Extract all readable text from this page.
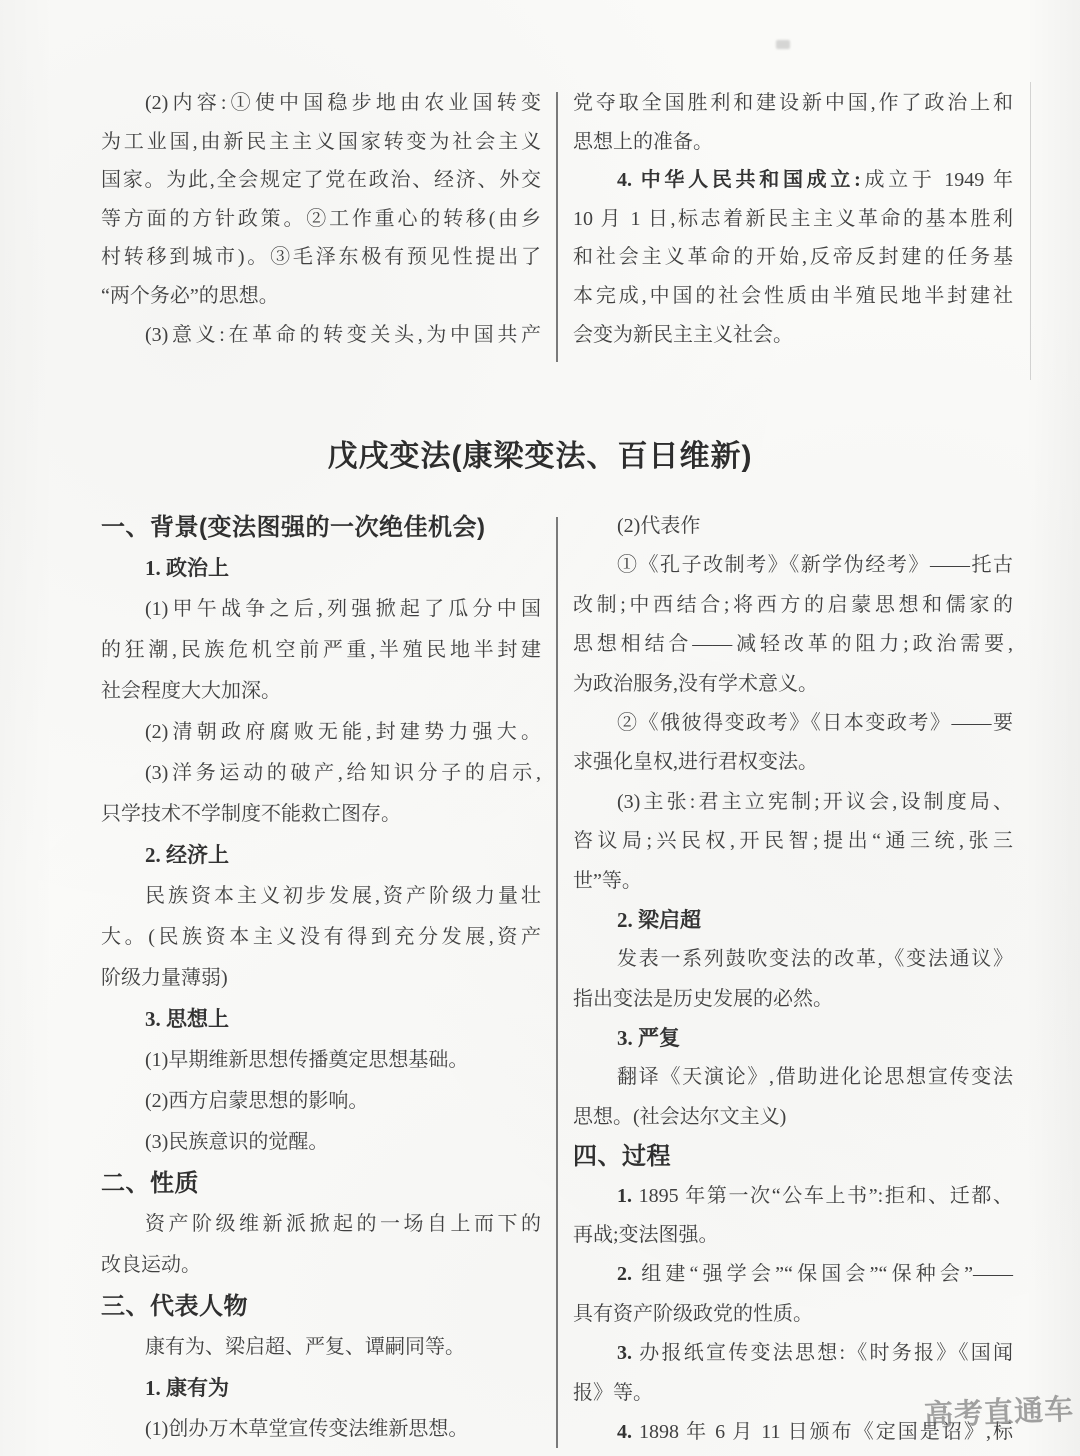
(2)内容:①使中国稳步地由农业国转变
为工业国,由新民主主义国家转变为社会主义
国家。为此,全会规定了党在政治、经济、外交
等方面的方针政策。②工作重心的转移(由乡
村转移到城市)。③毛泽东极有预见性提出了
“两个务必”的思想。
(3)意义:在革命的转变关头,为中国共产
党夺取全国胜利和建设新中国,作了政治上和
思想上的准备。
4. 中华人民共和国成立:成立于 1949 年
10 月 1 日,标志着新民主主义革命的基本胜利
和社会主义革命的开始,反帝反封建的任务基
本完成,中国的社会性质由半殖民地半封建社
会变为新民主主义社会。
戊戌变法(康梁变法、百日维新)
一、背景(变法图强的一次绝佳机会)
1. 政治上
(1)甲午战争之后,列强掀起了瓜分中国
的狂潮,民族危机空前严重,半殖民地半封建
社会程度大大加深。
(2)清朝政府腐败无能,封建势力强大。
(3)洋务运动的破产,给知识分子的启示,
只学技术不学制度不能救亡图存。
2. 经济上
民族资本主义初步发展,资产阶级力量壮
大。(民族资本主义没有得到充分发展,资产
阶级力量薄弱)
3. 思想上
(1)早期维新思想传播奠定思想基础。
(2)西方启蒙思想的影响。
(3)民族意识的觉醒。
二、性质
资产阶级维新派掀起的一场自上而下的
改良运动。
三、代表人物
康有为、梁启超、严复、谭嗣同等。
1. 康有为
(1)创办万木草堂宣传变法维新思想。
(2)代表作
①《孔子改制考》《新学伪经考》——托古
改制;中西结合;将西方的启蒙思想和儒家的
思想相结合——减轻改革的阻力;政治需要,
为政治服务,没有学术意义。
②《俄彼得变政考》《日本变政考》——要
求强化皇权,进行君权变法。
(3)主张:君主立宪制;开议会,设制度局、
咨议局;兴民权,开民智;提出“通三统,张三
世”等。
2. 梁启超
发表一系列鼓吹变法的改革,《变法通议》
指出变法是历史发展的必然。
3. 严复
翻译《天演论》,借助进化论思想宣传变法
思想。(社会达尔文主义)
四、过程
1. 1895 年第一次“公车上书”:拒和、迁都、
再战;变法图强。
2. 组建“强学会”“保国会”“保种会”——
具有资产阶级政党的性质。
3. 办报纸宣传变法思想:《时务报》《国闻
报》等。
4. 1898 年 6 月 11 日颁布《定国是诏》,标
高考直通车
